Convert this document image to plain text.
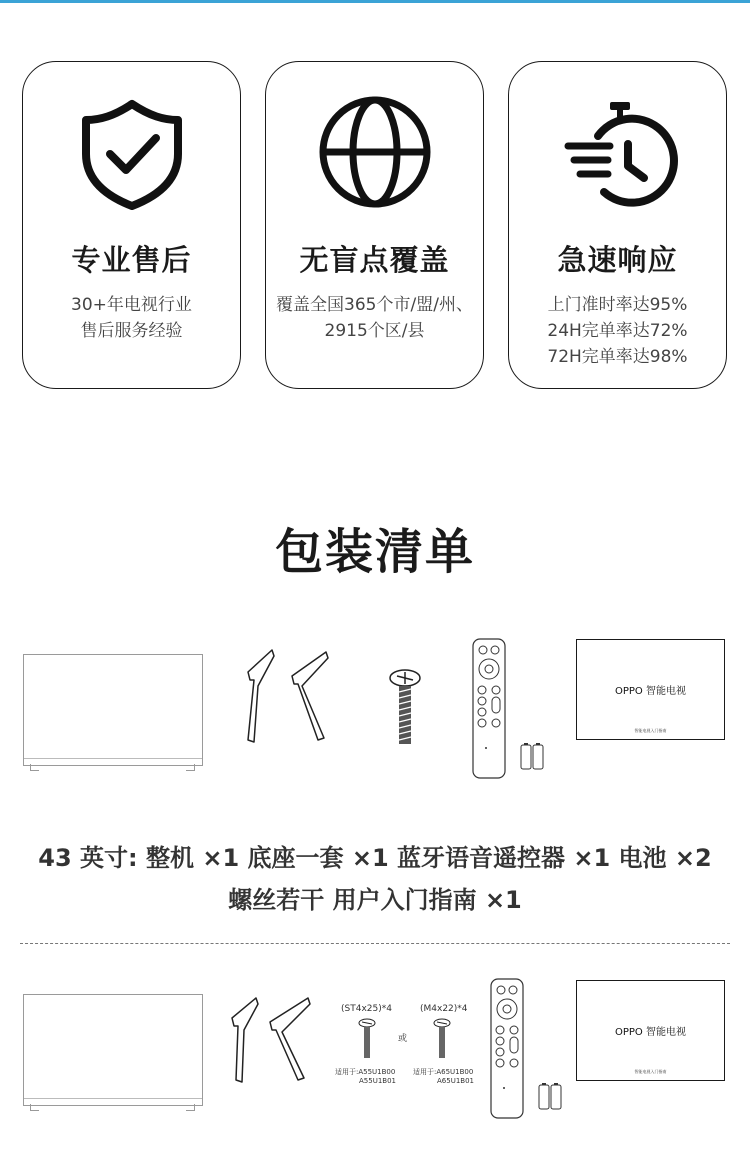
专业售后
30+年电视行业
售后服务经验
无盲点覆盖
覆盖全国365个市/盟/州、
2915个区/县
急速响应
上门准时率达95%
24H完单率达72%
72H完单率达98%
包装清单
OPPO 智能电视
智能电视入门指南
43 英寸: 整机 ×1 底座一套 ×1 蓝牙语音遥控器 ×1 电池 ×2
螺丝若干 用户入门指南 ×1
(ST4x25)*4	(M4x22)*4
或
适用于:A55U1B00
A55U1B01
适用于:A65U1B00
A65U1B01
OPPO 智能电视
智能电视入门指南
